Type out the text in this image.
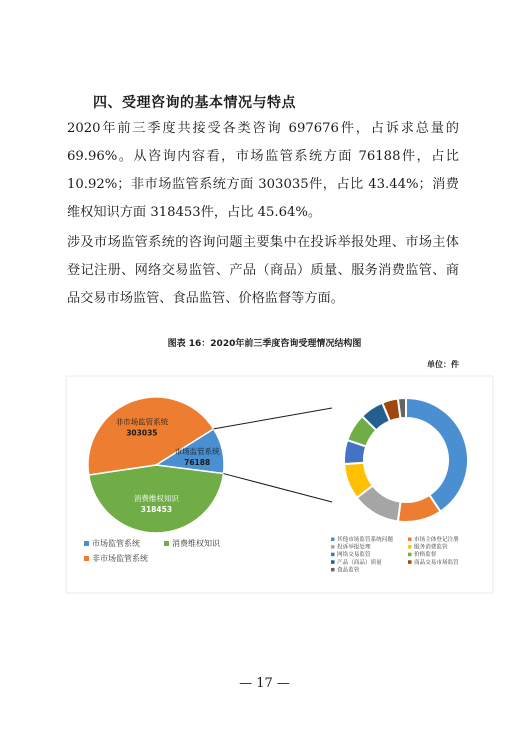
四、受理咨询的基本情况与特点
2020年前三季度共接受各类咨询 697676件，占诉求总量的 69.96%。从咨询内容看，市场监管系统方面 76188件，占比 10.92%；非市场监管系统方面 303035件，占比 43.44%；消费维权知识方面 318453件，占比 45.64%。
涉及市场监管系统的咨询问题主要集中在投诉举报处理、市场主体登记注册、网络交易监管、产品（商品）质量、服务消费监管、商品交易市场监管、食品监管、价格监督等方面。
图表 16：2020年前三季度咨询受理情况结构图
单位：件
市场监管系统
76188
消费维权知识
318453
非市场监管系统
303035
市场监管系统	消费维权知识
非市场监管系统
其他市场监管系统问题	市场主体登记注册
投诉举报处理	服务消费监管
网络交易监管	价格监督
产品（商品）质量	商品交易市场监管
食品监管
— 17 —
